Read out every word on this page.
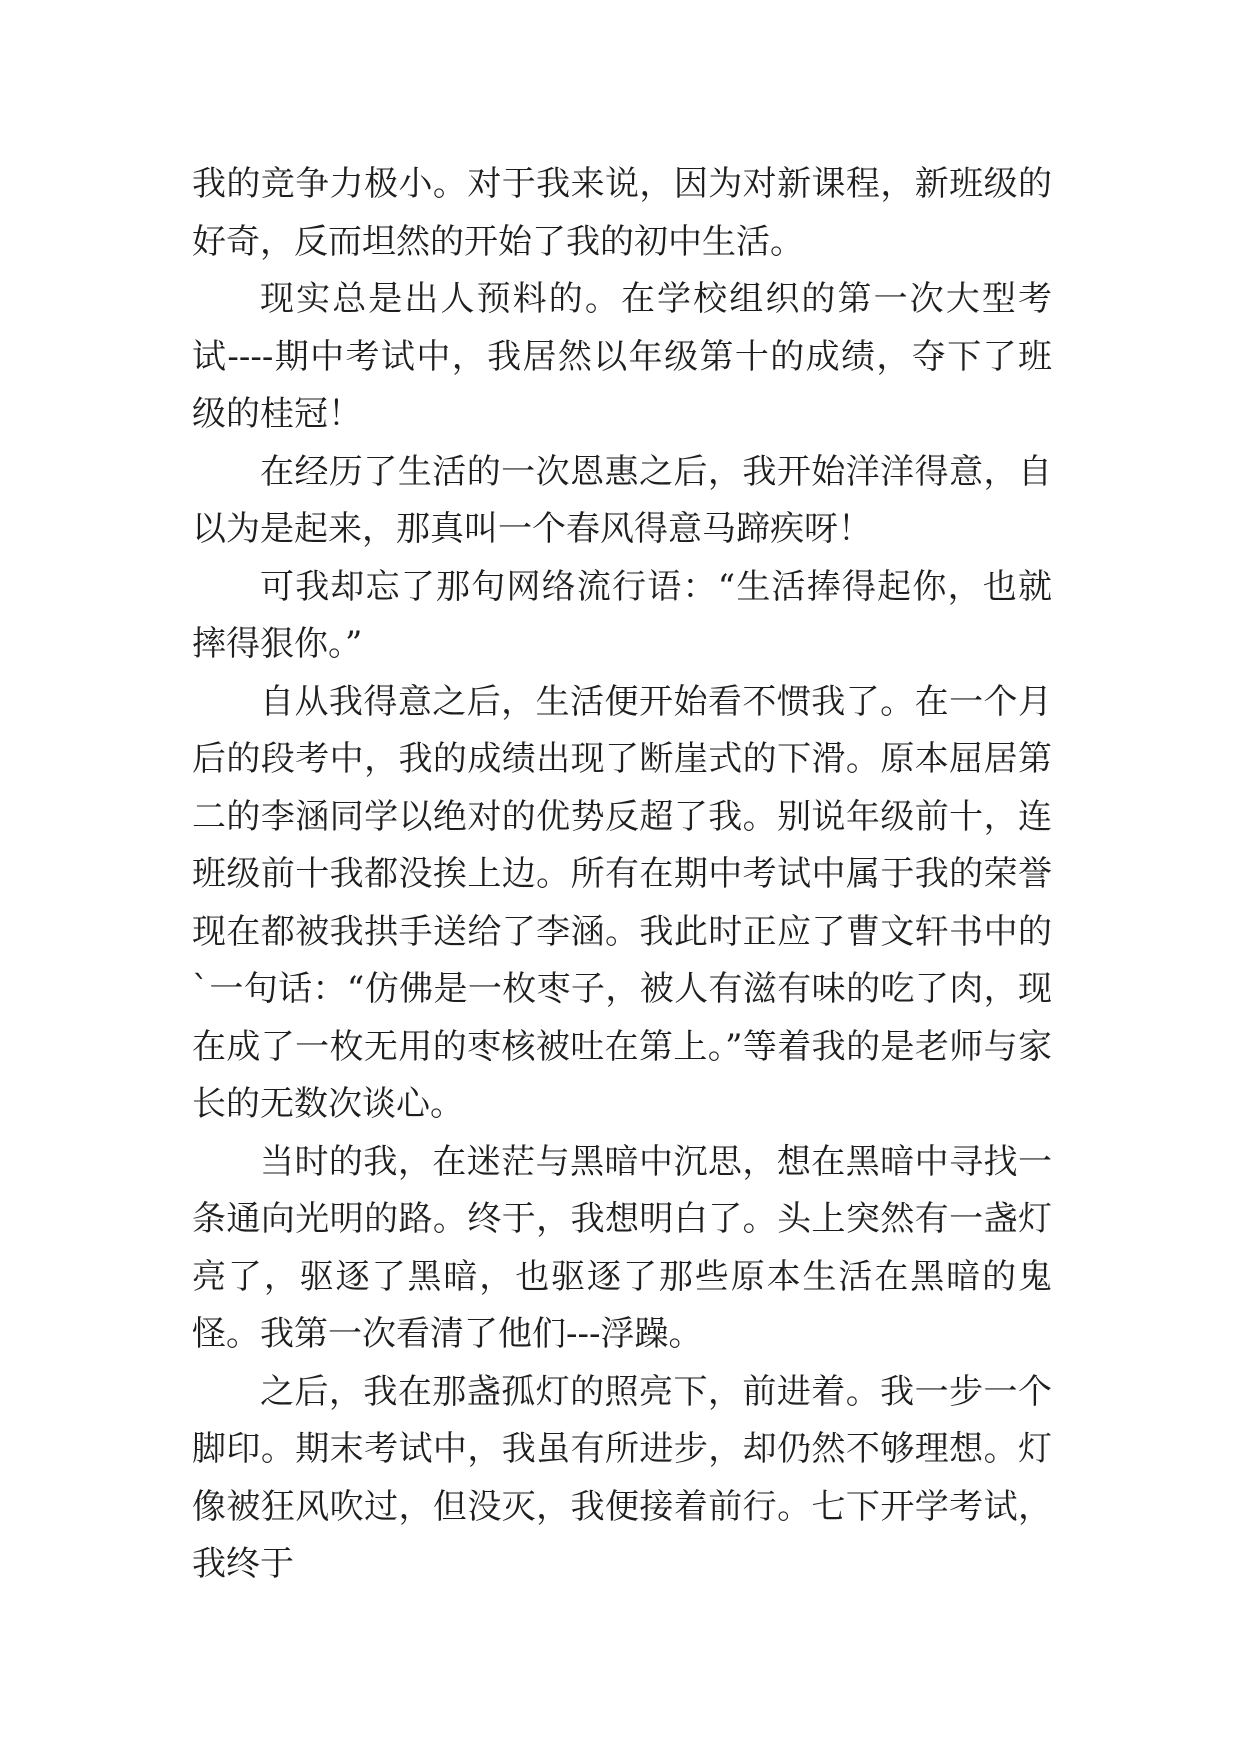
我的竞争力极小。对于我来说，因为对新课程，新班级的好奇，反而坦然的开始了我的初中生活。

现实总是出人预料的。在学校组织的第一次大型考试----期中考试中，我居然以年级第十的成绩，夺下了班级的桂冠！

在经历了生活的一次恩惠之后，我开始洋洋得意，自以为是起来，那真叫一个春风得意马蹄疾呀！

可我却忘了那句网络流行语：“生活捧得起你，也就摔得狠你。”

自从我得意之后，生活便开始看不惯我了。在一个月后的段考中，我的成绩出现了断崖式的下滑。原本屈居第二的李涵同学以绝对的优势反超了我。别说年级前十，连班级前十我都没挨上边。所有在期中考试中属于我的荣誉现在都被我拱手送给了李涵。我此时正应了曹文轩书中的`一句话：“仿佛是一枚枣子，被人有滋有味的吃了肉，现在成了一枚无用的枣核被吐在第上。”等着我的是老师与家长的无数次谈心。

当时的我，在迷茫与黑暗中沉思，想在黑暗中寻找一条通向光明的路。终于，我想明白了。头上突然有一盏灯亮了，驱逐了黑暗，也驱逐了那些原本生活在黑暗的鬼怪。我第一次看清了他们---浮躁。

之后，我在那盏孤灯的照亮下，前进着。我一步一个脚印。期末考试中，我虽有所进步，却仍然不够理想。灯像被狂风吹过，但没灭，我便接着前行。七下开学考试，我终于
